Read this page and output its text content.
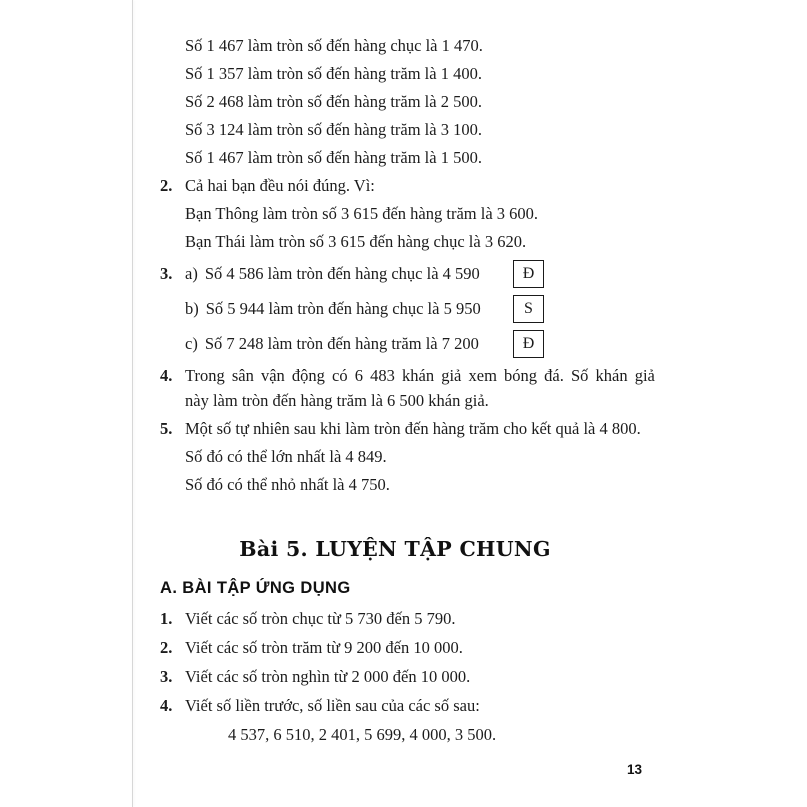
Số 1 467 làm tròn số đến hàng chục là 1 470.
Số 1 357 làm tròn số đến hàng trăm là 1 400.
Số 2 468 làm tròn số đến hàng trăm là 2 500.
Số 3 124 làm tròn số đến hàng trăm là 3 100.
Số 1 467 làm tròn số đến hàng trăm là 1 500.
2. Cả hai bạn đều nói đúng. Vì:
Bạn Thông làm tròn số 3 615 đến hàng trăm là 3 600.
Bạn Thái làm tròn số 3 615 đến hàng chục là 3 620.
3. a) Số 4 586 làm tròn đến hàng chục là 4 590	Đ
b) Số 5 944 làm tròn đến hàng chục là 5 950	S
c) Số 7 248 làm tròn đến hàng trăm là 7 200	Đ
4. Trong sân vận động có 6 483 khán giả xem bóng đá. Số khán giả
này làm tròn đến hàng trăm là 6 500 khán giả.
5. Một số tự nhiên sau khi làm tròn đến hàng trăm cho kết quả là 4 800.
Số đó có thể lớn nhất là 4 849.
Số đó có thể nhỏ nhất là 4 750.
Bài 5. LUYỆN TẬP CHUNG
A. BÀI TẬP ỨNG DỤNG
1. Viết các số tròn chục từ 5 730 đến 5 790.
2. Viết các số tròn trăm từ 9 200 đến 10 000.
3. Viết các số tròn nghìn từ 2 000 đến 10 000.
4. Viết số liền trước, số liền sau của các số sau:
4 537, 6 510, 2 401, 5 699, 4 000, 3 500.
13
